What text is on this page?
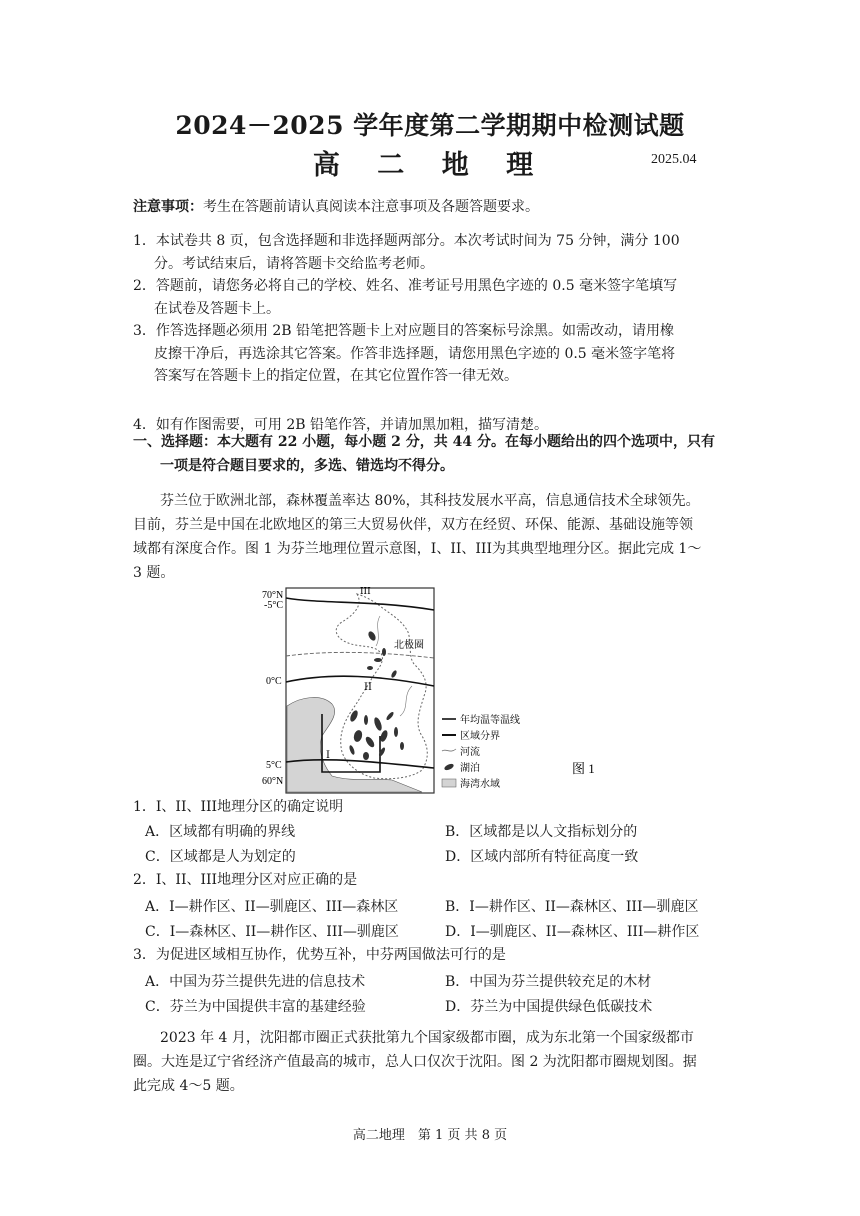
2024－2025 学年度第二学期期中检测试题
高 二 地 理	2025.04
注意事项：考生在答题前请认真阅读本注意事项及各题答题要求。
1．本试卷共 8 页，包含选择题和非选择题两部分。本次考试时间为 75 分钟，满分 100
分。考试结束后，请将答题卡交给监考老师。
2．答题前，请您务必将自己的学校、姓名、准考证号用黑色字迹的 0.5 毫米签字笔填写
在试卷及答题卡上。
3．作答选择题必须用 2B 铅笔把答题卡上对应题目的答案标号涂黑。如需改动，请用橡
皮擦干净后，再选涂其它答案。作答非选择题，请您用黑色字迹的 0.5 毫米签字笔将
答案写在答题卡上的指定位置，在其它位置作答一律无效。
4．如有作图需要，可用 2B 铅笔作答，并请加黑加粗，描写清楚。
一、选择题：本大题有 22 小题，每小题 2 分，共 44 分。在每小题给出的四个选项中，只有
一项是符合题目要求的，多选、错选均不得分。
芬兰位于欧洲北部，森林覆盖率达 80%，其科技发展水平高，信息通信技术全球领先。
目前，芬兰是中国在北欧地区的第三大贸易伙伴，双方在经贸、环保、能源、基础设施等领
域都有深度合作。图 1 为芬兰地理位置示意图，I、II、III为其典型地理分区。据此完成 1～
3 题。
70°N
-5°C
0°C
5°C
60°N
北极圈
III
II
I
年均温等温线
区域分界
河流
湖泊
海湾水域
图 1
1．I、II、III地理分区的确定说明
A．区域都有明确的界线	B．区域都是以人文指标划分的
C．区域都是人为划定的	D．区域内部所有特征高度一致
2．I、II、III地理分区对应正确的是
A．I—耕作区、II—驯鹿区、III—森林区	B．I—耕作区、II—森林区、III—驯鹿区
C．I—森林区、II—耕作区、III—驯鹿区	D．I—驯鹿区、II—森林区、III—耕作区
3．为促进区域相互协作，优势互补，中芬两国做法可行的是
A．中国为芬兰提供先进的信息技术	B．中国为芬兰提供较充足的木材
C．芬兰为中国提供丰富的基建经验	D．芬兰为中国提供绿色低碳技术
2023 年 4 月，沈阳都市圈正式获批第九个国家级都市圈，成为东北第一个国家级都市
圈。大连是辽宁省经济产值最高的城市，总人口仅次于沈阳。图 2 为沈阳都市圈规划图。据
此完成 4～5 题。
高二地理　第 1 页 共 8 页
